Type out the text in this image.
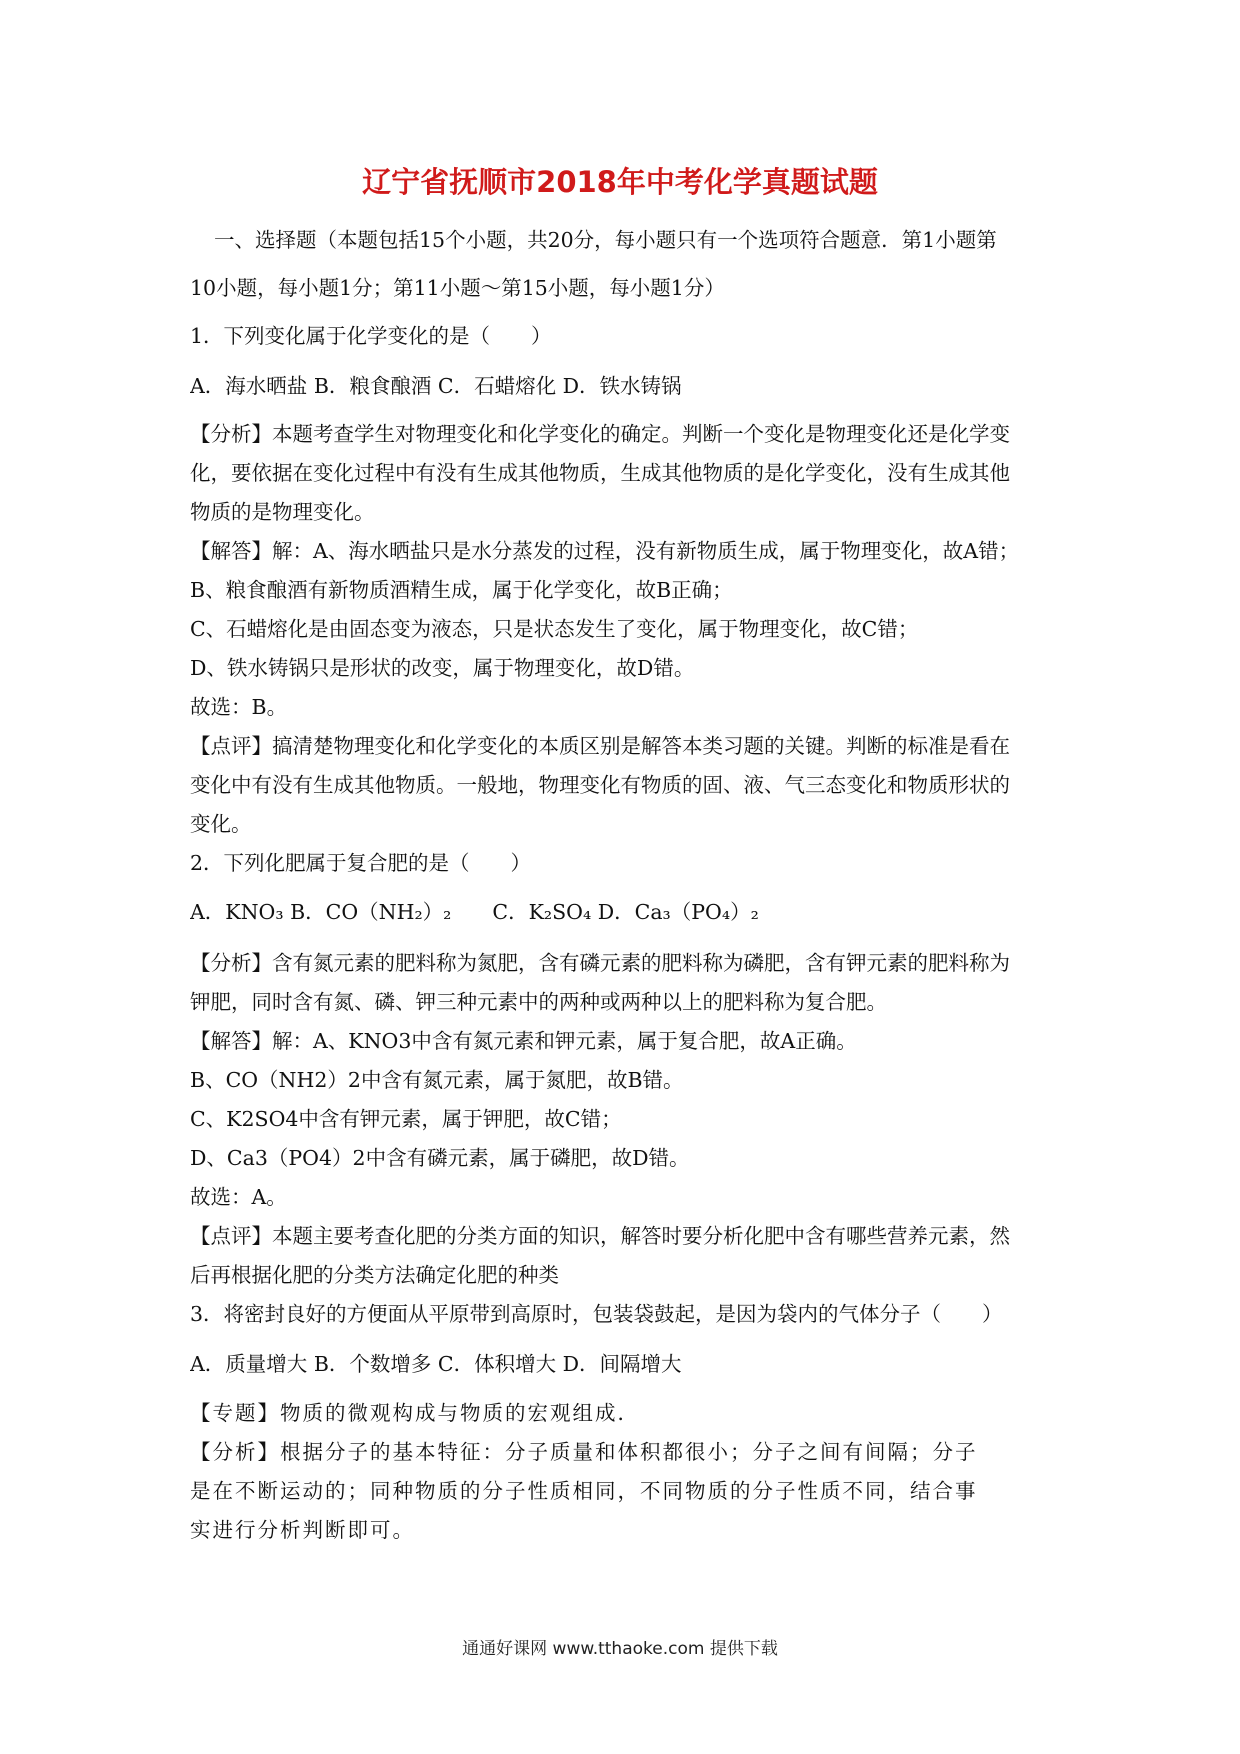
辽宁省抚顺市2018年中考化学真题试题
一、选择题（本题包括15个小题，共20分，每小题只有一个选项符合题意．第1小题第
10小题，每小题1分；第11小题～第15小题，每小题1分）
1．下列变化属于化学变化的是（　　）
A．海水晒盐 B．粮食酿酒 C．石蜡熔化 D．铁水铸锅
【分析】本题考查学生对物理变化和化学变化的确定。判断一个变化是物理变化还是化学变
化，要依据在变化过程中有没有生成其他物质，生成其他物质的是化学变化，没有生成其他
物质的是物理变化。
【解答】解：A、海水晒盐只是水分蒸发的过程，没有新物质生成，属于物理变化，故A错；
B、粮食酿酒有新物质酒精生成，属于化学变化，故B正确；
C、石蜡熔化是由固态变为液态，只是状态发生了变化，属于物理变化，故C错；
D、铁水铸锅只是形状的改变，属于物理变化，故D错。
故选：B。
【点评】搞清楚物理变化和化学变化的本质区别是解答本类习题的关键。判断的标准是看在
变化中有没有生成其他物质。一般地，物理变化有物质的固、液、气三态变化和物质形状的
变化。
2．下列化肥属于复合肥的是（　　）
A．KNO₃ B．CO（NH₂）₂　　C．K₂SO₄ D．Ca₃（PO₄）₂
【分析】含有氮元素的肥料称为氮肥，含有磷元素的肥料称为磷肥，含有钾元素的肥料称为
钾肥，同时含有氮、磷、钾三种元素中的两种或两种以上的肥料称为复合肥。
【解答】解：A、KNO3中含有氮元素和钾元素，属于复合肥，故A正确。
B、CO（NH2）2中含有氮元素，属于氮肥，故B错。
C、K2SO4中含有钾元素，属于钾肥，故C错；
D、Ca3（PO4）2中含有磷元素，属于磷肥，故D错。
故选：A。
【点评】本题主要考查化肥的分类方面的知识，解答时要分析化肥中含有哪些营养元素，然
后再根据化肥的分类方法确定化肥的种类
3．将密封良好的方便面从平原带到高原时，包装袋鼓起，是因为袋内的气体分子（　　）
A．质量增大 B．个数增多 C．体积增大 D．间隔增大
【专题】物质的微观构成与物质的宏观组成．
【分析】根据分子的基本特征：分子质量和体积都很小；分子之间有间隔；分子
是在不断运动的；同种物质的分子性质相同，不同物质的分子性质不同，结合事
实进行分析判断即可。
通通好课网 www.tthaoke.com 提供下载
